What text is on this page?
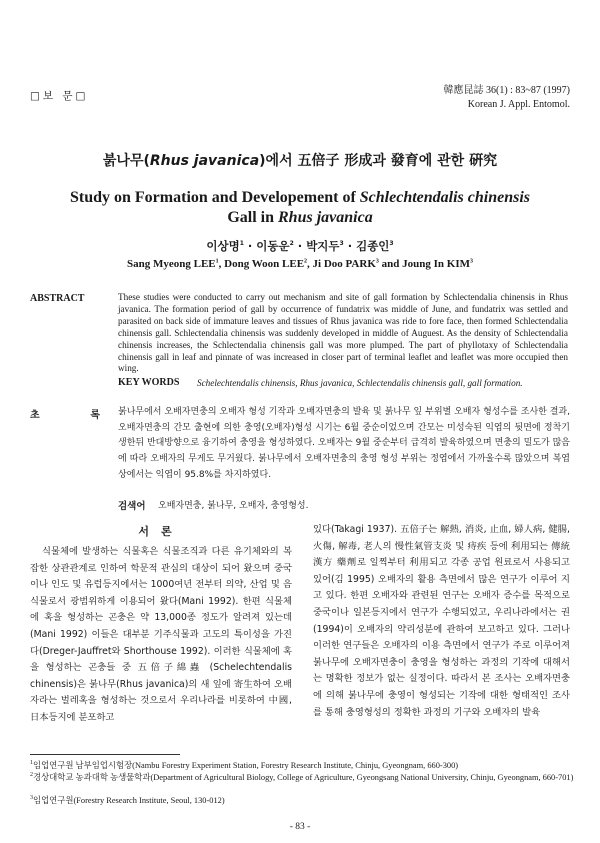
□보 문□	韓應昆誌 36(1) : 83~87 (1997)
Korean J. Appl. Entomol.
붉나무(Rhus javanica)에서 五倍子 形成과 發育에 관한 硏究
Study on Formation and Developement of Schlechtendalis chinensis
Gall in Rhus javanica
이상명$^1$ · 이동운$^2$ · 박지두$^3$ · 김종인$^3$
Sang Myeong LEE$^1$, Dong Woon LEE$^2$, Ji Doo PARK$^3$ and Joung In KIM$^3$
ABSTRACT	These studies were conducted to carry out mechanism and site of gall formation by Schlectendalia chinensis in Rhus javanica. The formation period of gall by occurrence of fundatrix was middle of June, and fundatrix was settled and parasited on back side of immature leaves and tissues of Rhus javanica was ride to fore face, then formed Schlectendalia chinensis gall. Schlectendalia chinensis was suddenly developed in middle of Auguest. As the density of Schlectendalia chinensis increases, the Schlectendalia chinensis gall was more plumped. The part of phyllotaxy of Schlectendalia chinensis gall in leaf and pinnate of was increased in closer part of terminal leaflet and leaflet was more occupied then wing.
KEY WORDS Schelechtendalis chinensis, Rhus javanica, Schlectendalis chinensis gall, gall formation.
초	록 붉나무에서 오배자면충의 오배자 형성 기작과 오배자면충의 발육 및 붉나무 잎 부위별 오배자 형성수를 조사한 결과, 오배자면충의 간모 출현에 의한 충영(오배자)형성 시기는 6월 중순이었으며 간모는 미성숙된 익엽의 뒷면에 정착기생한뒤 반대방향으로 융기하여 충영을 형성하였다. 오배자는 9월 중순부터 급격히 발육하였으며 면충의 밀도가 많음에 따라 오배자의 무게도 무거웠다. 붉나무에서 오배자면충의 충영 형성 부위는 정엽에서 가까울수록 많았으며 복엽상에서는 익엽이 95.8%를 차지하였다.
검색어 오배자면충, 붉나무, 오배자, 충영형성.
서론
식물체에 발생하는 식물혹은 식물조직과 다른 유기체와의 복잡한 상관관계로 인하여 학문적 관심의 대상이 되어 왔으며 중국이나 인도 및 유럽등지에서는 1000여년 전부터 의약, 산업 및 음식물로서 광범위하게 이용되어 왔다(Mani 1992). 한편 식물체에 혹을 형성하는 곤충은 약 13,000종 정도가 알려져 있는데 (Mani 1992) 이들은 대부분 기주식물과 고도의 특이성을 가진다(Dreger-Jauffret와 Shorthouse 1992). 이러한 식물체에 혹을 형성하는 곤충들 중 五倍子綿蟲 (Schelechtendalis chinensis)은 붉나무(Rhus javanica)의 새 잎에 寄生하여 오배자라는 벌레혹을 형성하는 것으로서 우리나라를 비롯하여 中國, 日本등지에 분포하고
있다(Takagi 1937). 五倍子는 解熱, 消炎, 止血, 婦人病, 健腸, 火傷, 解毒, 老人의 慢性氣管支炎 및 痔疾 등에 利用되는 傳統 漢方 藥劑로 일찍부터 利用되고 각종 공업 원료로서 사용되고 있어(김 1995) 오배자의 활용 측면에서 많은 연구가 이루어 지고 있다. 한편 오배자와 관련된 연구는 오배자 증수를 목적으로 중국이나 일본등지에서 연구가 수행되었고, 우리나라에서는 권(1994)이 오배자의 약리성분에 관하여 보고하고 있다. 그러나 이러한 연구들은 오배자의 이용 측면에서 연구가 주로 이루어져 붉나무에 오배자면충이 충영을 형성하는 과정의 기작에 대해서는 명확한 정보가 없는 실정이다. 따라서 본 조사는 오배자면충에 의해 붉나무에 충영이 형성되는 기작에 대한 형태적인 조사를 통해 충영형성의 정확한 과정의 기구와 오배자의 발육
$^1$임업연구원 남부임업시험장(Nambu Forestry Experiment Station, Forestry Research Institute, Chinju, Gyeongnam, 660-300)
$^2$경상대학교 농과대학 농생물학과(Department of Agricultural Biology, College of Agriculture, Gyeongsang National University, Chinju, Gyeongnam, 660-701)
$^3$임업연구원(Forestry Research Institute, Seoul, 130-012)
- 83 -
